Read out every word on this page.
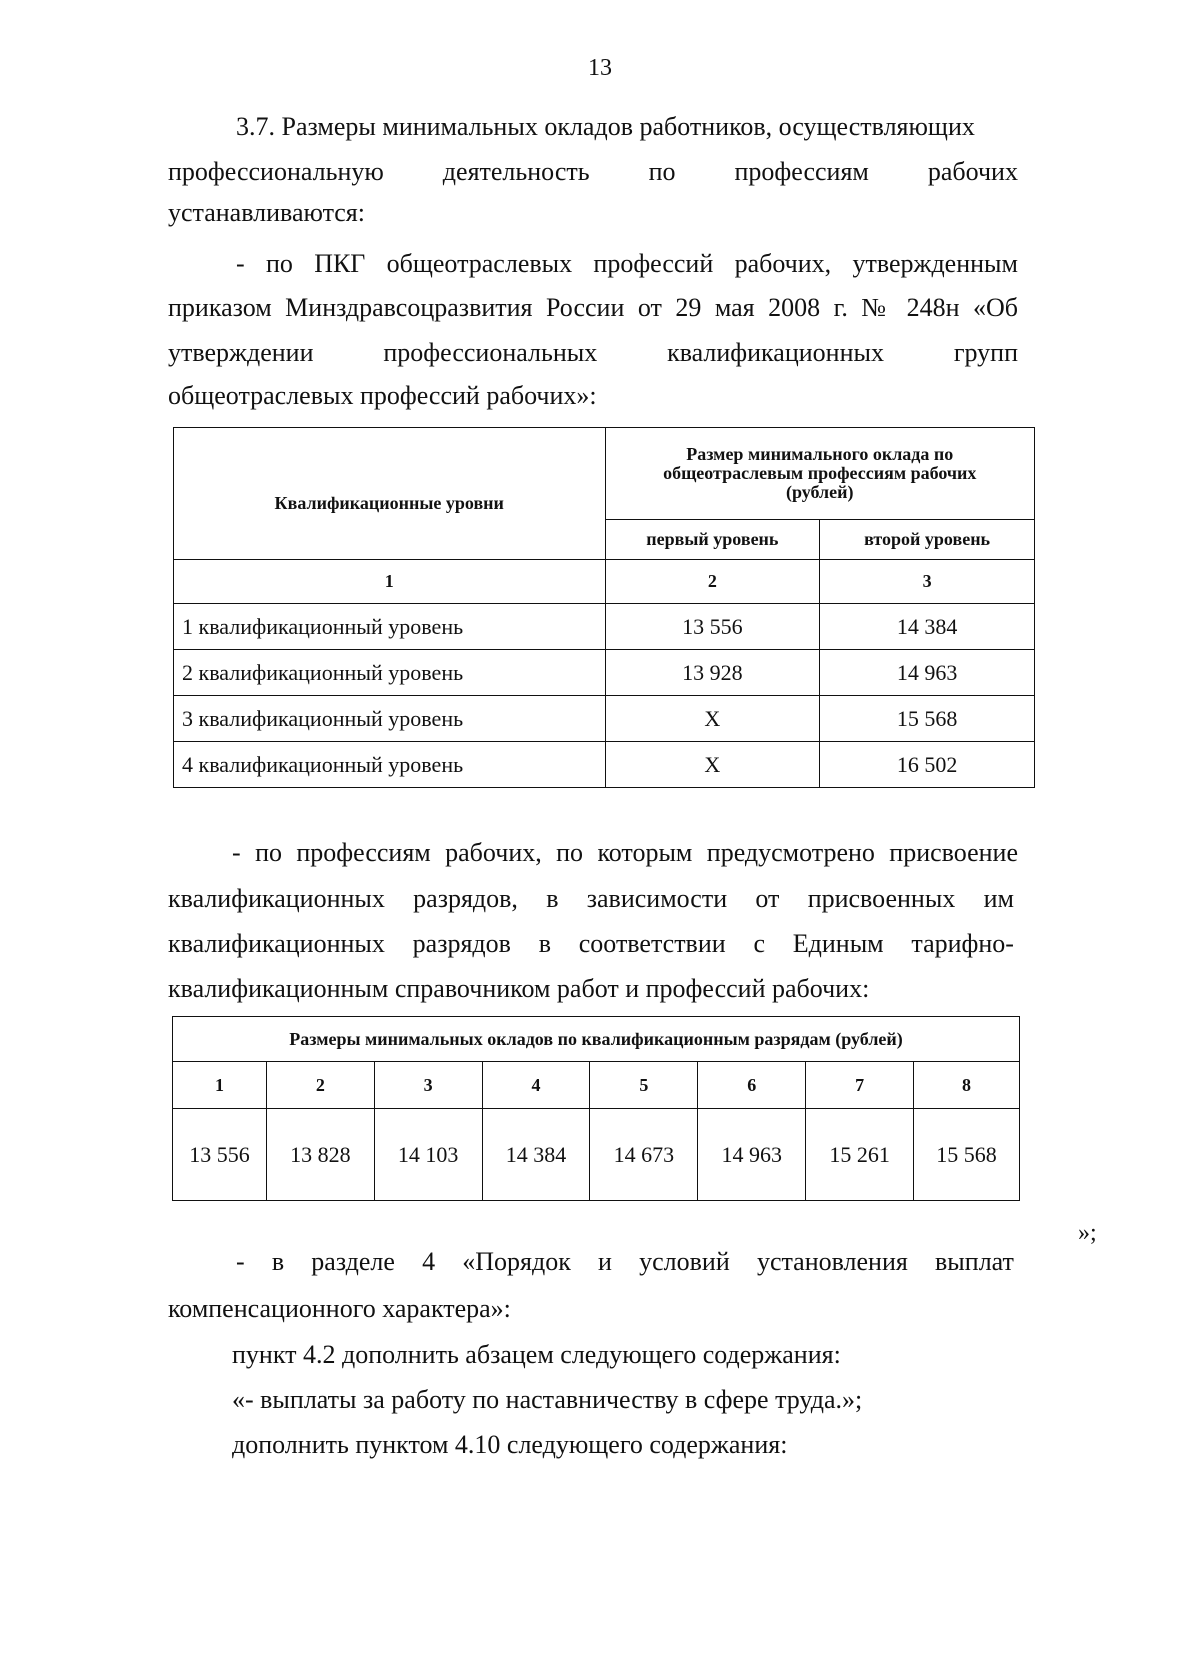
13
3.7. Размеры минимальных окладов работников, осуществляющих
профессиональную деятельность по профессиям рабочих
устанавливаются:
- по ПКГ общеотраслевых профессий рабочих, утвержденным
приказом Минздравсоцразвития России от 29 мая 2008 г. № 248н «Об
утверждении	профессиональных	квалификационных	групп
общеотраслевых профессий рабочих»:
Квалификационные уровни	Размер минимального оклада по общеотраслевым профессиям рабочих (рублей)	
	первый уровень	второй уровень
1	2	3
1 квалификационный уровень	13 556	14 384
2 квалификационный уровень	13 928	14 963
3 квалификационный уровень	Х	15 568
4 квалификационный уровень	Х	16 502
- по профессиям рабочих, по которым предусмотрено присвоение
квалификационных разрядов, в зависимости от присвоенных им
квалификационных разрядов в соответствии с Единым тарифно-
квалификационным справочником работ и профессий рабочих:
Размеры минимальных окладов по квалификационным разрядам (рублей)							
1	2	3	4	5	6	7	8
13 556	13 828	14 103	14 384	14 673	14 963	15 261	15 568
»;
- в разделе 4 «Порядок и условий установления выплат
компенсационного характера»:
пункт 4.2 дополнить абзацем следующего содержания:
«- выплаты за работу по наставничеству в сфере труда.»;
дополнить пунктом 4.10 следующего содержания:
